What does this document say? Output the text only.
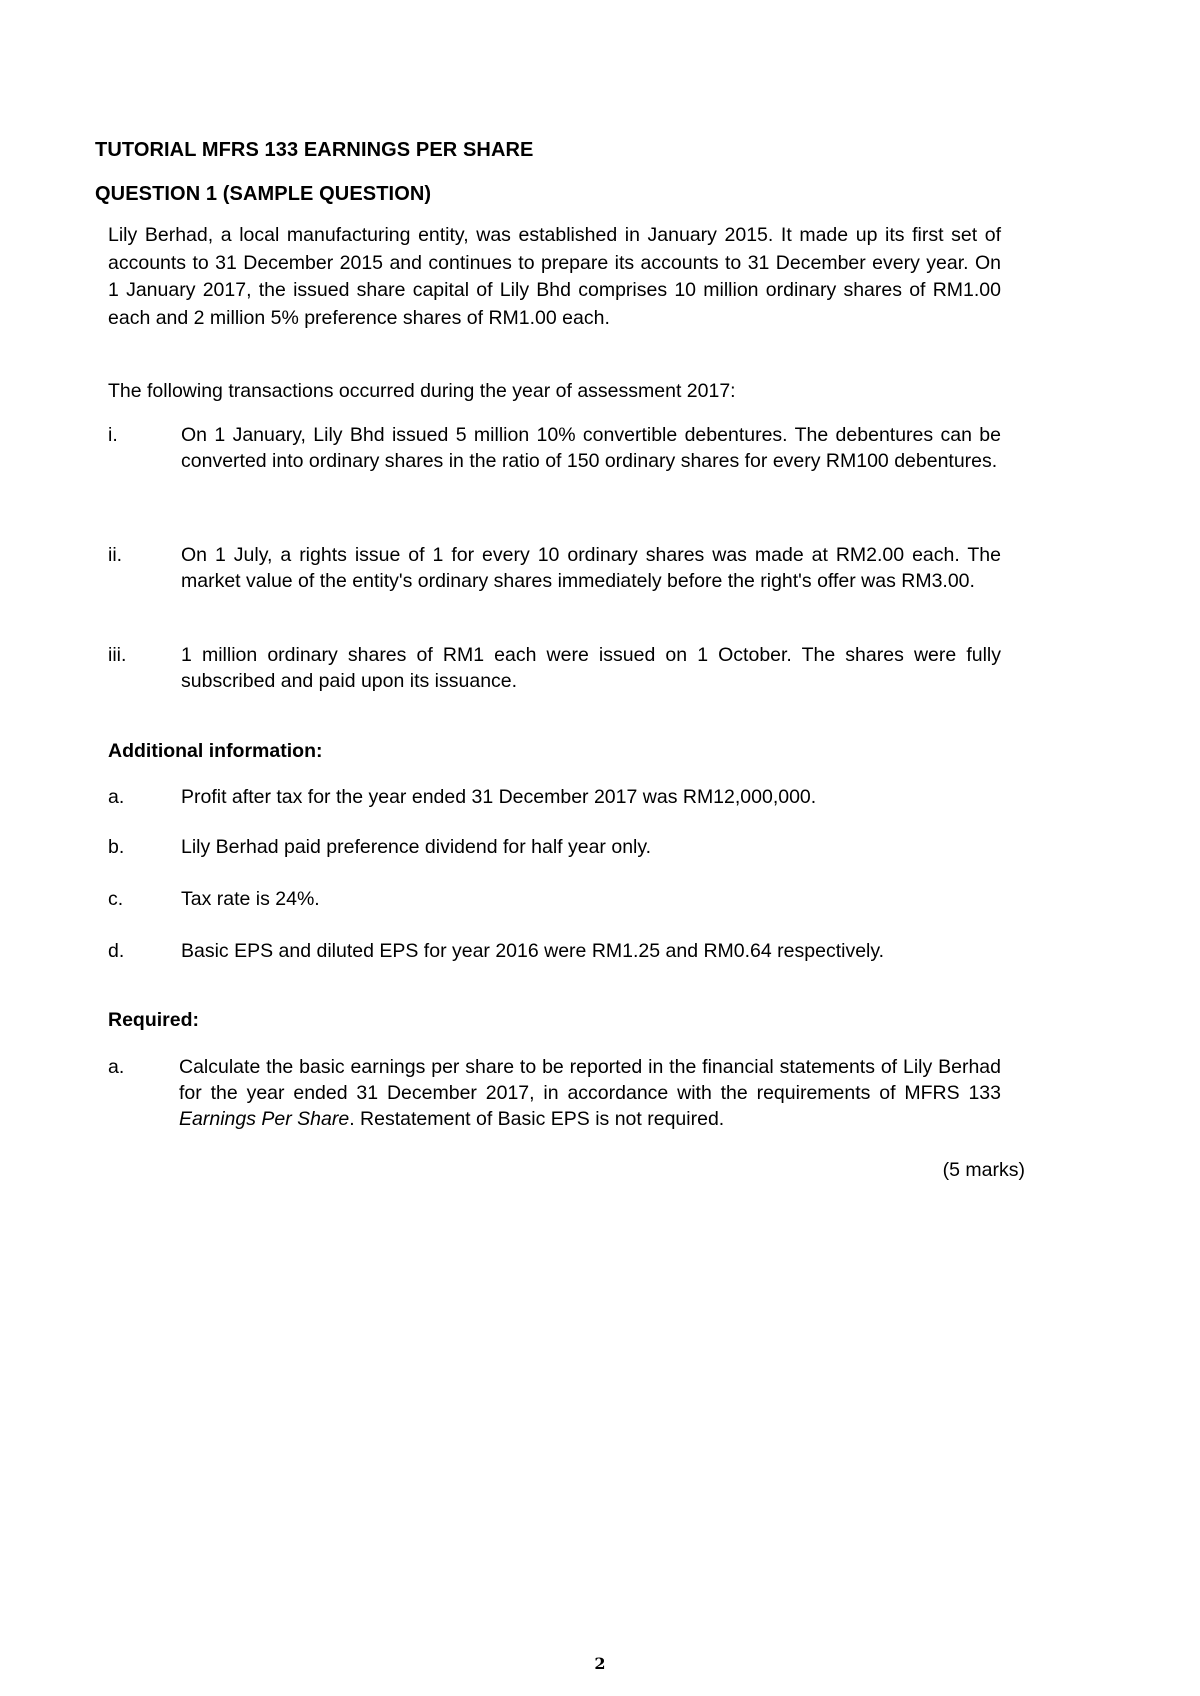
TUTORIAL MFRS 133 EARNINGS PER SHARE
QUESTION 1 (SAMPLE QUESTION)
Lily Berhad, a local manufacturing entity, was established in January 2015. It made up its first set of accounts to 31 December 2015 and continues to prepare its accounts to 31 December every year. On 1 January 2017, the issued share capital of Lily Bhd comprises 10 million ordinary shares of RM1.00 each and 2 million 5% preference shares of RM1.00 each.
The following transactions occurred during the year of assessment 2017:
i.	On 1 January, Lily Bhd issued 5 million 10% convertible debentures. The debentures can be converted into ordinary shares in the ratio of 150 ordinary shares for every RM100 debentures.
ii.	On 1 July, a rights issue of 1 for every 10 ordinary shares was made at RM2.00 each. The market value of the entity's ordinary shares immediately before the right's offer was RM3.00.
iii.	1 million ordinary shares of RM1 each were issued on 1 October. The shares were fully subscribed and paid upon its issuance.
Additional information:
a.	Profit after tax for the year ended 31 December 2017 was RM12,000,000.
b.	Lily Berhad paid preference dividend for half year only.
c.	Tax rate is 24%.
d.	Basic EPS and diluted EPS for year 2016 were RM1.25 and RM0.64 respectively.
Required:
a.	Calculate the basic earnings per share to be reported in the financial statements of Lily Berhad for the year ended 31 December 2017, in accordance with the requirements of MFRS 133 Earnings Per Share. Restatement of Basic EPS is not required.
(5 marks)
2
